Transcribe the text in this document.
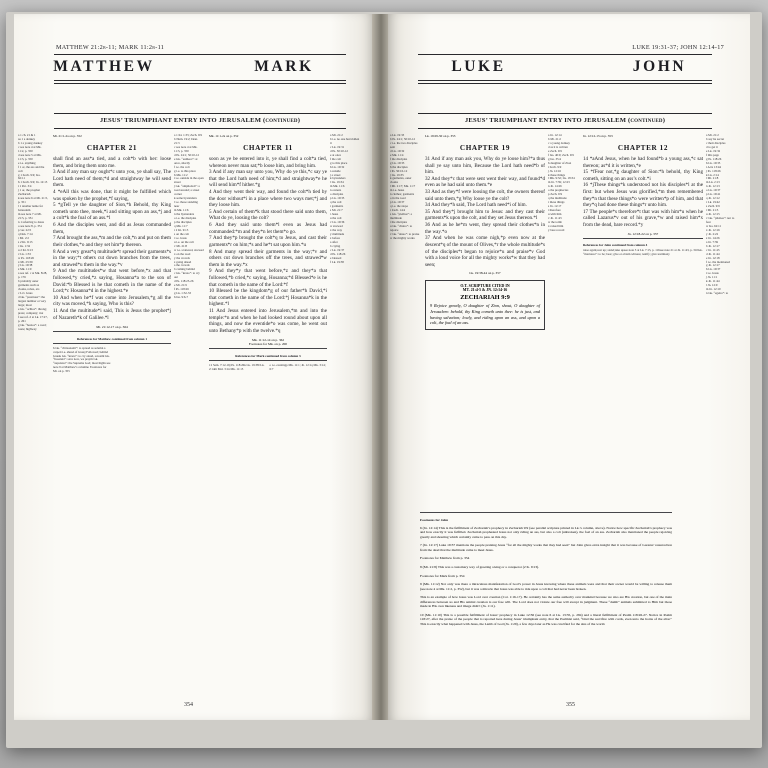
MATTHEW 21:2b-11; MARK 11:2b-11
MATTHEW	MARK
JESUS’ TRIUMPHANT ENTRY INTO JERUSALEM (continued)
a 1 ch. 21 & 1
aa 1 a donkey
b 1 a young donkey
c see note 4 at Mk. 11:2, p. 350
d see note 5 at Mk. 11:3, p. 350
e i.e. anything
f 1 or, the ass and the colt
g 1 Zech. 9:9; Isa. 62:11
h 1 Zech. 9:9; Jn. 12:15
i 1 Pet. 3:4
j 1 or, the prophet Zechariah
k see note 6 at Mt. 21:5, p. 351
l 1 another name for Jerusalem
m see note 7 at Mt. 21:5, p. 351
n 1 referring to Jesus
o see note 8, p. 351
p ver. 22:5
q Dan. 7:14
r Mt. 2:2
s 2 Ki. 9:13
t Lk. 1:32
u 2 Ki. 9:13
v Lk. 1:33
w Ps. 118:26
x Mt. 23:39
y Lk. 19:38
z Mk. 11:9
a see ref. c at Mk. 8:28, p. 176
b probably outer garments such as cloaks, robes, etc.
c Lvt. Jesus
d Gk. “prestious”: the largest number or very large; most
e Gk. “ochlos”: throng; press; company; riot
f see ref. d at Lk. 17:27, p. 261
g Gk. “hosios”: a road; route; highway
Mt. 21:1-2a on p. 352
CHAPTER 21
shall find an ass*a tied, and a colt*b with her: loose them, and bring them unto me.
3 And if any man say ought*c unto you, ye shall say, The Lord hath need of them;*d and straightway he will send them.
4 *eAll this was done, that it might be fulfilled which was spoken by the prophet,*f saying,
5 *gTell ye the daughter of Sion,*h Behold, thy King cometh unto thee, meek,*i and sitting upon an ass,*j and a colt*k the foal of an ass.*l
6 And the disciples went, and did as Jesus commanded them,
7 And brought the ass,*m and the colt,*n and put on them their clothes,*o and they set him*p thereon.
8 And a very great*q multitude*r spread their garments*s in the way;*t others cut down branches from the trees, and strawed*u them in the way.*v
9 And the multitudes*w that went before,*x and that followed,*y cried,*z saying, Hosanna*a to the son of David:*b Blessed is he that cometh in the name of the Lord;*c Hosanna*d in the highest.*e
10 And when he*f was come into Jerusalem,*g all the city was moved,*h saying, Who is this?
11 And the multitude*i said, This is Jesus the prophet*j of Nazareth*k of Galilee.*l
Mt. 21:12-17 on p. 364
References for Matthew continued from column 1
h Gk. “chrisonomi”: to spread as solemn a carpeti i.e. ahead of Jesusj Followed; behind Jesusk Gk. “krazo”: to cry aloud, screaml Gk. “hosanna”: save now, we praym Gk. “supsistos”: the Supreme God; most highn see note 9 at Matthew’s columno Footnotes for Mt. on p. 355
a 1 Ki. 1:33; Zech. 9:9
b Num. 19:2; Deut. 21:3
c see note 4 at Mk. 11:3, p. 350
d Ps. 24:1; 50:10-12
e Gk. “eutheos”: at once, shortly
f i.e. the colt
g i.e. to this place
h Mk. 11:2
i i.e. outside in the open street
j Gk. “amphodon”: a road around; a street corner
k some bystanders
l i.e. those standing near
m Mk. 11:6
n the bystanders
o i.e. the disciples
p the disciples
q Mk. 11:7
r 2 Ki. 9:13
s on the colt
t i.e. Jesus
u i.e. on the colt
v Mt. 21:8
w i.e. scattered, strewed
x on the road
y the crowds
z going ahead
a the crowds
b coming behind
c Gk. “krazo”: to cry out
d Ps. 118:25-26
e Mt. 21:9
f Ps. 118:26
g Lk. 1:32-33
h Isa. 9:6-7
Mk. 11:1-2a on p. 352
CHAPTER 11
soon as ye be entered into it, ye shall find a colt*a tied, whereon never man sat;*b loose him, and bring him.
3 And if any man say unto you, Why do ye this,*c say ye that the Lord hath need of him;*d and straightway*e he will send him*f hither.*g
4 And they went their way, and found the colt*h tied by the door without*i in a place where two ways met;*j and they loose him.
5 And certain of them*k that stood there said unto them, What do ye, loosing the colt?
6 And they said unto them*l even as Jesus had commanded:*m and they*n let them*o go.
7 And they*p brought the colt*q to Jesus, and cast their garments*r on him;*s and he*t sat upon him.*u
8 And many spread their garments in the way;*v and others cut down branches off the trees, and strawed*w them in the way.*x
9 And they*y that went before,*z and they*a that followed,*b cried,*c saying, Hosanna;*d Blessed*e is he that cometh in the name of the Lord:*f
10 Blessed be the kingdom*g of our father*h David,*i that cometh in the name of the Lord:*j Hosanna*k in the highest.*l
11 And Jesus entered into Jerusalem,*m and into the temple:*n and when he had looked round about upon all things, and now the eventide*o was come, he went out unto Bethany*p with the twelve.*q
Mk. 11:12-14 on p. 362
Footnotes for Mk. on p. 200
References for Mark continued from column 3
i 2 Sam. 7:12-16j Ps. 118:26k Lk. 19:38l Lk. 2:14m Mal. 3:1n Mk. 11:15
o i.e. eveningp Mk. 11:1; Jn. 12:1q Mk. 3:14; 6:7
a Mt. 21:2
b i.e. no one had ridden it
c Lk. 19:31
d Ps. 50:10-12
e at once
f the colt
g to this place
h Lk. 19:32
i outside
j a street
k bystanders
l Lk. 19:34
m Mk. 11:6
n owners
o disciples
p Lk. 19:35
q the colt
r garments
s Mt. 21:7
t Jesus
u the colt
v Lk. 19:36
w strewed
x the way
y multitude
z before
a after
b crying
c Lk. 19:37
d Ps. 118:26
e blessed
f Lk. 19:38
354
LUKE 19:31-37; JOHN 12:14-17
LUKE	JOHN
JESUS’ TRIUMPHANT ENTRY INTO JERUSALEM (continued)
a Lk. 19:33
b Ps. 24:1; 50:10-12
c i.e. the two disciples sent
d Lk. 19:32
e Mk. 11:4
f the disciples
g Lk. 19:33
h the disciples
i Ps. 50:10-12
j Lk. 19:35
k garments, outer cloaks
l Mt. 21:7; Mk. 11:7
m i.e. Jesus
n clothes; garments
o in the road
p Lk. 19:37
q i.e. the slope
r Zech. 14:4
s Gk. “plethos”: a multitude
t the disciples
u Gk. “chairo”: to rejoice
v Gk. “aineo”: to praise
w the mighty works
Lk. 19:29-30 on p. 353
CHAPTER 19
31 And if any man ask you, Why do ye loose him?*a thus shall ye say unto him, Because the Lord hath need*b of him.
32 And they*c that were sent went their way, and found*d even as he had said unto them.*e
33 And as they*f were loosing the colt, the owners thereof said unto them,*g Why loose ye the colt?
34 And they*h said, The Lord hath need*i of him.
35 And they*j brought him to Jesus: and they cast their garments*k upon the colt, and they set Jesus thereon.*l
36 And as he he*m went, they spread their clothes*n in the way.*o
37 And when he was come nigh,*p even now at the descent*q of the mount of Olives,*r the whole multitude*s of the disciples*t began to rejoice*u and praise*v God with a loud voice for all the mighty works*w that they had seen;
Lk. 19:38-44 on p. 357
O.T. SCRIPTURE CITED IN
MT. 21:4-5 & JN. 12:14-16
ZECHARIAH 9:9
9 Rejoice greatly, O daughter of Zion, shout, O daughter of Jerusalem: behold, thy King cometh unto thee: he is just, and having salvation; lowly, and riding upon an ass, and upon a colt, the foal of an ass.
a Jn. 12:14
b Mt. 21:2
c a young donkey
d as it is written
e Zech. 9:9
f Isa. 40:9; Zech. 9:9
g Isa. 35:4
h daughter of Zion
i Zech. 9:9
j Jn. 12:16
k these things
l Mk. 9:32; Lk. 18:34
m Jn. 7:39; 12:23
n Jn. 14:26
o the prophecies
p Zech. 9:9
q the multitude
r these things
s Jn. 12:17
t therefore
u with him
v Jn. 11:43
w the tomb
x raised him
y bare record
Jn. 12:12-13 on p. 353
CHAPTER 12
14 *aAnd Jesus, when he had found*b a young ass,*c sat thereon; as*d it is written,*e
15 *fFear not,*g daughter of Sion:*h behold, thy King cometh, sitting on an ass’s colt.*i
16 *jThese things*k understood not his disciples*l at the first: but when Jesus was glorified,*m then remembered they*n that these things*o were written*p of him, and that they*q had done these things*r unto him.
17 The people*s therefore*t that was with him*u when he called Lazarus*v out of his grave,*w and raised him*x from the dead, bare record.*y
Jn. 12:18-22 on p. 357
References for John continued from column 4
raise again;rear up; stand;take upsee note 3 at Lk. 7:15, p. 116see note 21 at Jn. 11:43, p. 310Gk. “martureo”: to be; bear; give or obtain witness; testify; give testimony
a Mt. 21:2
b say he secret
c their disciples
d to get it
e Lk. 19:32
f this page
g Ps. 118:26
h Lk. 19:35
i Acts 13:44
j Ps. 118:26
k Lk. 2:14
l Mt. 21:8
m Lk. 2:13
n Jn. 12:13
o Lk. 19:37
p Lk. 19:41
q Jn. 12:12
r Lk. 19:42
s Zech. 9:9
t Mt. 21:5
u Jn. 12:15
v Gk. “phobeo”: not to fear
w Isa. 62:11
x Jn. 12:16
y Jn. 2:22
z Jn. 14:26
a Jn. 7:39
b Jn. 12:17
c Jn. 11:43
d Jn. 11:44
e Jn. 12:18
f i.e. the mentioned
g Jn. 12:17
h Lk. 19:37
i i.e. Jesus
j Jn. 11:1
k Jn. 11:44
l Jn. 12:9
m Jn. 12:10
n Gk. “egeiro”: to
Footnotes for John
6 (Jn. 12:14) This is the fulfillment of Zechariah’s prophecy in Zechariah 9:9 (see parallel scripture printed in Lk.’s column, above). Notice how specific Zechariah’s prophecy was and how exactly it was fulfilled. Zechariah prophesied Jesus not only riding an ass, but also a colt (unbroken), the foal of an ass. Zechariah also mentioned the people rejoicing greatly and shouting which certainly came to pass on this day.
7 (Jn. 12:17) Luke 19:37 mentions the people praising Jesus “for all the mighty works that they had seen” but John gives extra insight that it was because of Lazarus’ resurrection from the dead that the multitude came to meet Jesus.
Footnotes for Matthew from p. 354
8 (Mt. 21:8) This was a customary way of greeting a king or a conqueror (2 K. 9:13).
Footnotes for Mark from p. 354
9 (Mk. 11:12) Not only was there a miraculous manifestation of God’s power in Jesus knowing where these animals were and that their owner would be willing to release them (see note 4 at Mk. 11:2, p. 352), but it was a miracle that Jesus was able to ride upon a colt that had never been broken.
This is an example of how Jesus was Lord over creation (Col. 1:16-17). He certainly has the same authority over mankind because we also are His creation, but one of the main differences between us and His animal creation is our free will. The Lord does not violate our free will except in judgment. These “dumb” animals submitted to Him but those made in His own likeness and image didn’t (Jn. 1:11).
10 (Mk. 11:10) This is a possible fulfillment of Jesus’ prophecy in Luke 12:36 (see note 6 at Lk. 13:35, p. 284) and a literal fulfillment of Psalm 118:26-27. Notice in Psalm 118:27, after the praise of the people that is reported here during Jesus’ triumphant entry, that the Psalmist said, “bind the sacrifice with cords, even unto the horns of the altar.” This is exactly what happened with Jesus, the Lamb of God (Jn. 1:29), a few days later as He was crucified for the sins of the world.
355
